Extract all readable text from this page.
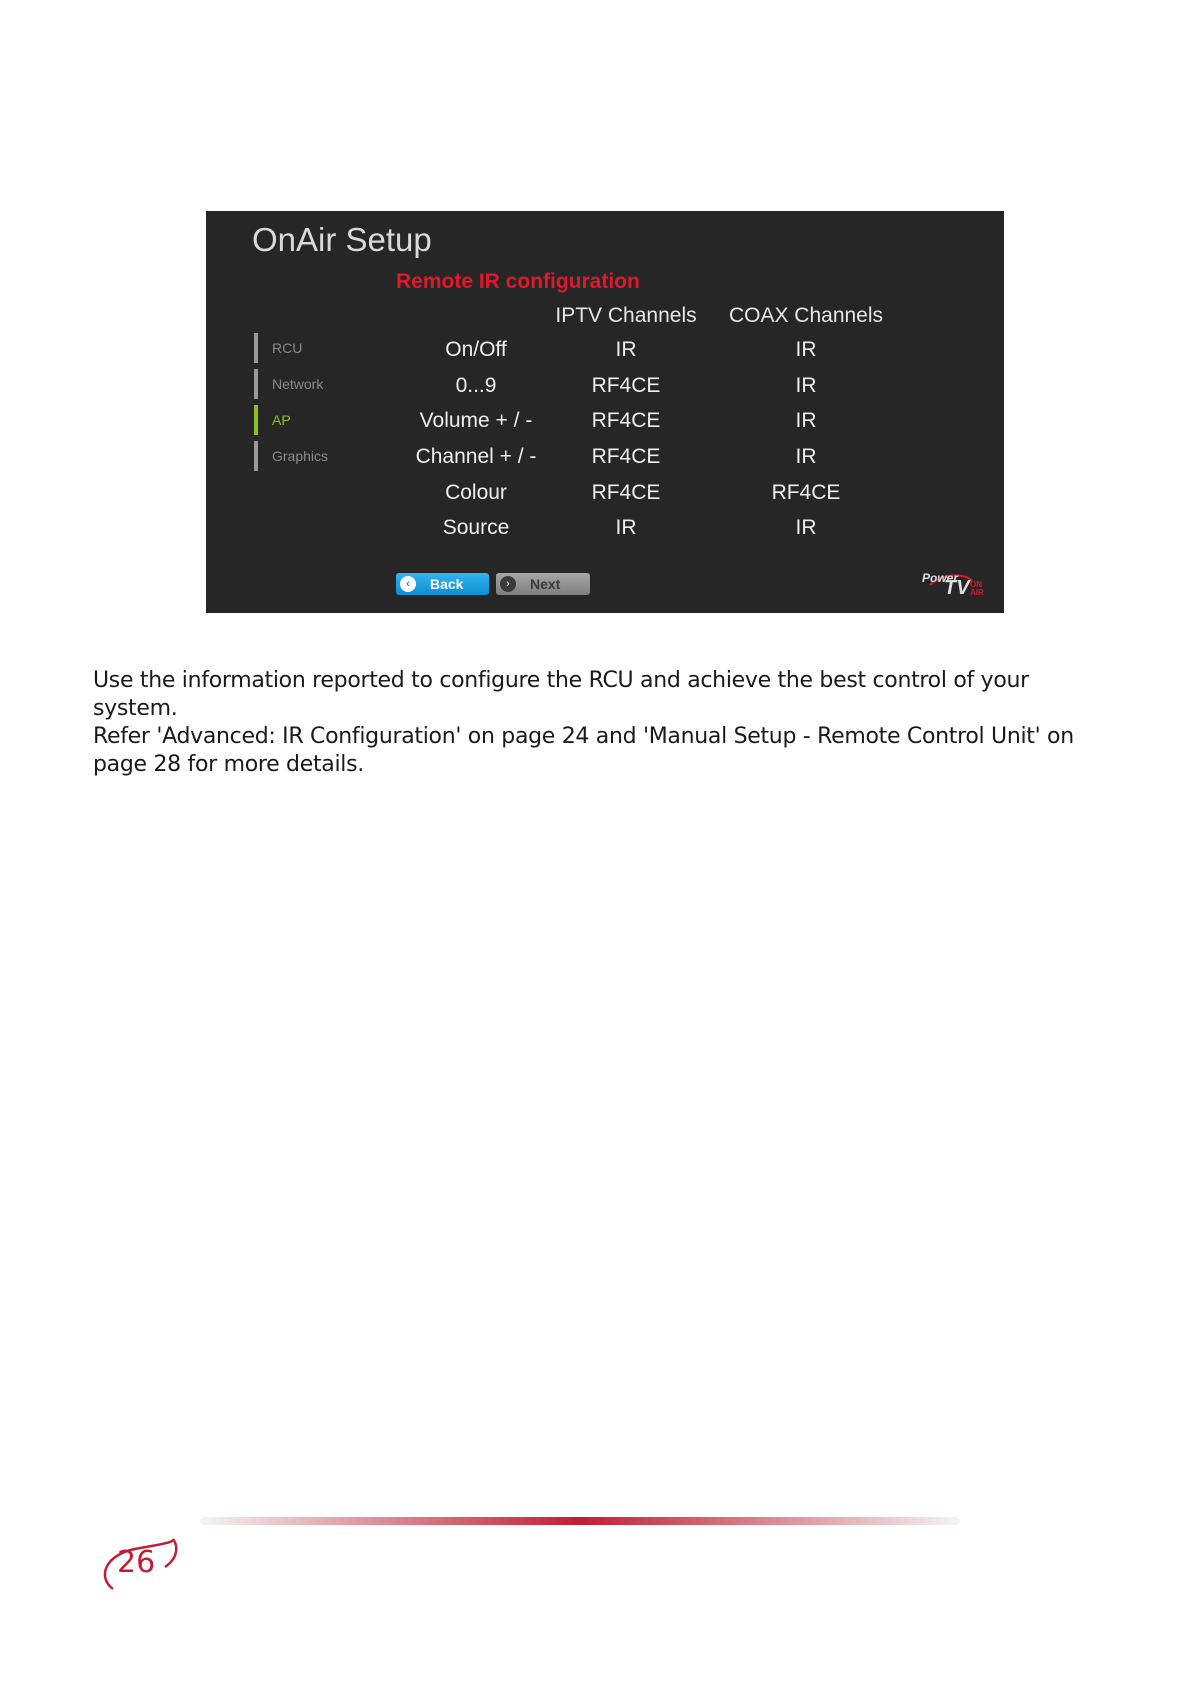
OnAir Setup
Remote IR configuration
RCU
Network
AP
Graphics
IPTV Channels	COAX Channels
On/Off	IR	IR
0...9	RF4CE	IR
Volume + / -	RF4CE	IR
Channel + / -	RF4CE	IR
Colour	RF4CE	RF4CE
Source	IR	IR
‹	Back	›	Next	Power
TV ON
AIR

Use the information reported to configure the RCU and achieve the best control of your system.

Refer 'Advanced: IR Configuration' on page 24 and 'Manual Setup - Remote Control Unit' on page 28 for more details.

26
